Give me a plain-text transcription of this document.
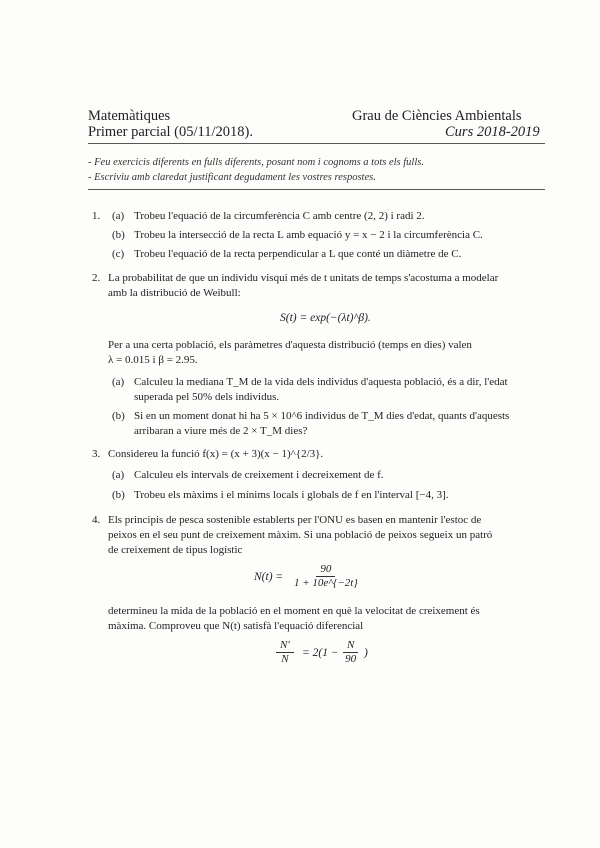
Matemàtiques
Primer parcial (05/11/2018).
Grau de Ciències Ambientals
Curs 2018-2019
- Feu exercicis diferents en fulls diferents, posant nom i cognoms a tots els fulls.
- Escriviu amb claredat justificant degudament les vostres respostes.
1. (a) Trobeu l'equació de la circumferència C amb centre (2, 2) i radi 2.
(b) Trobeu la intersecció de la recta L amb equació y = x − 2 i la circumferència C.
(c) Trobeu l'equació de la recta perpendicular a L que conté un diàmetre de C.
2. La probabilitat de que un individu visqui més de t unitats de temps s'acostuma a modelar
amb la distribució de Weibull:
S(t) = exp(−(λt)^β).
Per a una certa població, els paràmetres d'aquesta distribució (temps en dies) valen
λ = 0.015 i β = 2.95.
(a) Calculeu la mediana T_M de la vida dels individus d'aquesta població, és a dir, l'edat
superada pel 50% dels individus.
(b) Si en un moment donat hi ha 5 × 10^6 individus de T_M dies d'edat, quants d'aquests
arribaran a viure més de 2 × T_M dies?
3. Considereu la funció f(x) = (x + 3)(x − 1)^{2/3}.
(a) Calculeu els intervals de creixement i decreixement de f.
(b) Trobeu els màxims i el mínims locals i globals de f en l'interval [−4, 3].
4. Els principis de pesca sostenible establerts per l'ONU es basen en mantenir l'estoc de
peixos en el seu punt de creixement màxim. Si una població de peixos segueix un patró
de creixement de tipus logístic
$N(t) = \frac{90}{1 + 10e\^{}\{-2t\}}$
determineu la mida de la població en el moment en què la velocitat de creixement és
màxima. Comproveu que N(t) satisfà l'equació diferencial
$\frac{N'}{N} = 2(1 - \frac{N}{90}$ )
